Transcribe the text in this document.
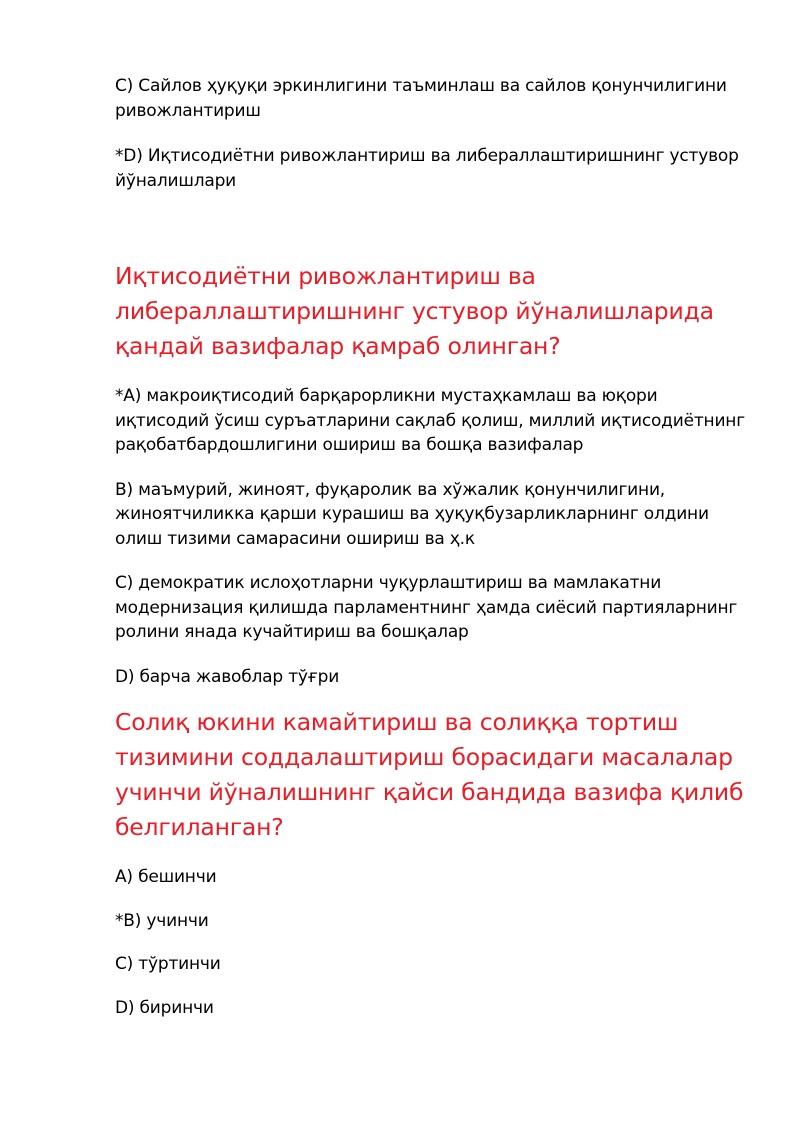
C) Сайлов ҳуқуқи эркинлигини таъминлаш ва сайлов қонунчилигини ривожлантириш

*D) Иқтисодиётни ривожлантириш ва либераллаштиришнинг устувор йўналишлари

Иқтисодиётни ривожлантириш ва либераллаштиришнинг устувор йўналишларида қандай вазифалар қамраб олинган?

*A) макроиқтисодий барқарорликни мустаҳкамлаш ва юқори иқтисодий ўсиш суръатларини сақлаб қолиш, миллий иқтисодиётнинг рақобатбардошлигини ошириш ва бошқа вазифалар

B) маъмурий, жиноят, фуқаролик ва хўжалик қонунчилигини, жиноятчиликка қарши курашиш ва ҳуқуқбузарликларнинг олдини олиш тизими самарасини ошириш ва ҳ.к

C) демократик ислоҳотларни чуқурлаштириш ва мамлакатни модернизация қилишда парламентнинг ҳамда сиёсий партияларнинг ролини янада кучайтириш ва бошқалар

D) барча жавоблар тўғри

Солиқ юкини камайтириш ва солиққа тортиш тизимини соддалаштириш борасидаги масалалар учинчи йўналишнинг қайси бандида вазифа қилиб белгиланган?

A) бешинчи

*B) учинчи

C) тўртинчи

D) биринчи
